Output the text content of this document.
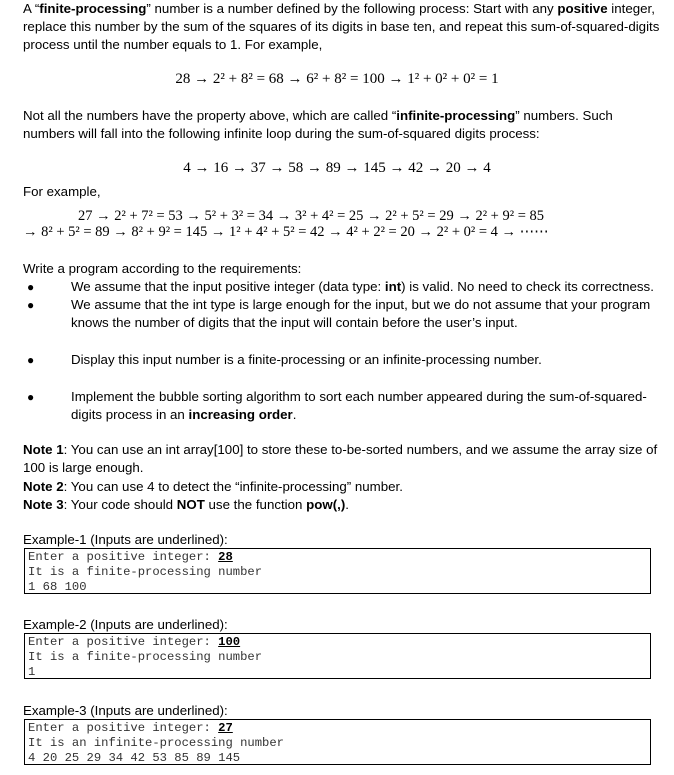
A “finite-processing” number is a number defined by the following process: Start with any positive integer, replace this number by the sum of the squares of its digits in base ten, and repeat this sum-of-squared-digits process until the number equals to 1. For example,
28 → 2² + 8² = 68 → 6² + 8² = 100 → 1² + 0² + 0² = 1
Not all the numbers have the property above, which are called “infinite-processing” numbers. Such numbers will fall into the following infinite loop during the sum-of-squared digits process:
4 → 16 → 37 → 58 → 89 → 145 → 42 → 20 → 4
For example,
27 → 2² + 7² = 53 → 5² + 3² = 34 → 3² + 4² = 25 → 2² + 5² = 29 → 2² + 9² = 85
→ 8² + 5² = 89 → 8² + 9² = 145 → 1² + 4² + 5² = 42 → 4² + 2² = 20 → 2² + 0² = 4 → ⋯⋯
Write a program according to the requirements:
●	We assume that the input positive integer (data type: int) is valid. No need to check its correctness.
●	We assume that the int type is large enough for the input, but we do not assume that your program knows the number of digits that the input will contain before the user’s input.
●	Display this input number is a finite-processing or an infinite-processing number.
●	Implement the bubble sorting algorithm to sort each number appeared during the sum-of-squared-digits process in an increasing order.
Note 1: You can use an int array[100] to store these to-be-sorted numbers, and we assume the array size of 100 is large enough.
Note 2: You can use 4 to detect the “infinite-processing” number.
Note 3: Your code should NOT use the function pow(,).
Example-1 (Inputs are underlined):
Enter a positive integer: 28
It is a finite-processing number
1 68 100
Example-2 (Inputs are underlined):
Enter a positive integer: 100
It is a finite-processing number
1
Example-3 (Inputs are underlined):
Enter a positive integer: 27
It is an infinite-processing number
4 20 25 29 34 42 53 85 89 145
